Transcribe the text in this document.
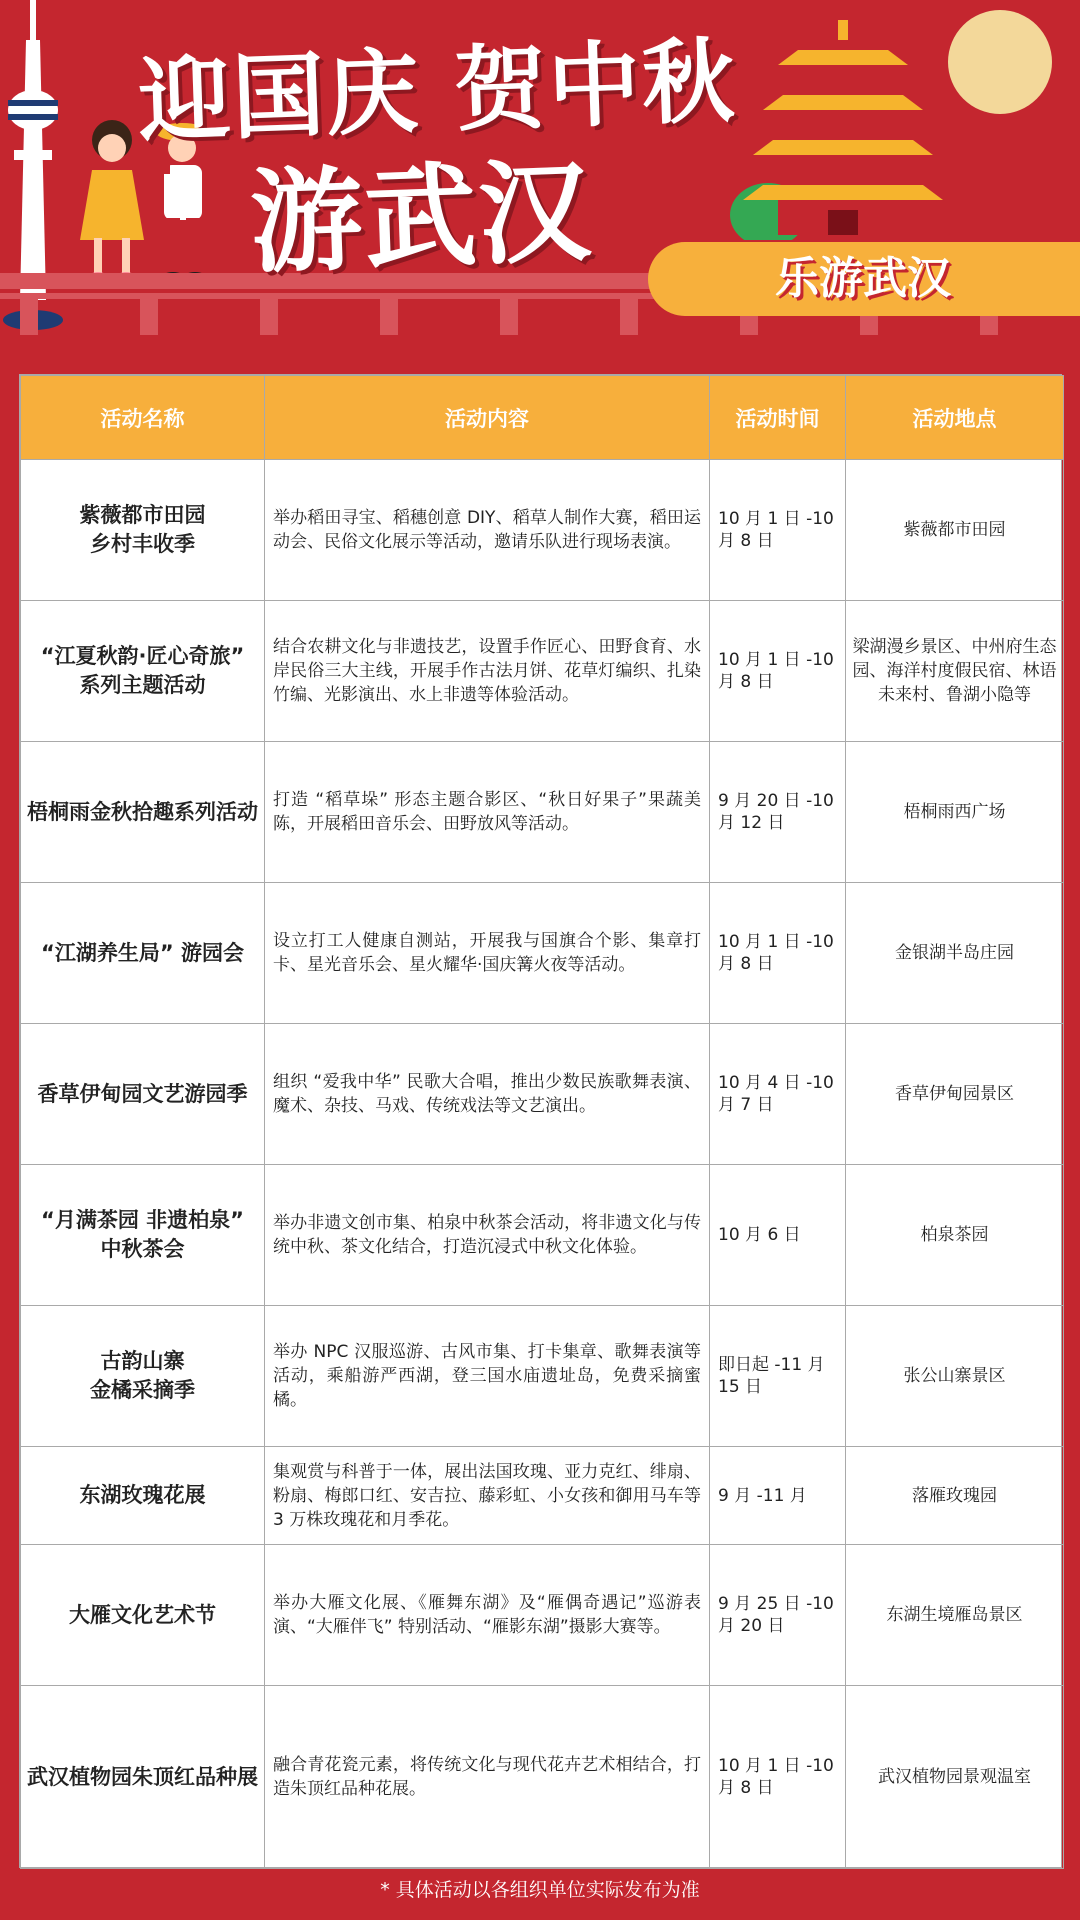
迎国庆 贺中秋
游武汉	乐游武汉
活动名称	活动内容	活动时间	活动地点
紫薇都市田园
乡村丰收季	举办稻田寻宝、稻穗创意 DIY、稻草人制作大赛，稻田运动会、民俗文化展示等活动，邀请乐队进行现场表演。	10 月 1 日 -10 月 8 日	紫薇都市田园
“江夏秋韵·匠心奇旅”
系列主题活动	结合农耕文化与非遗技艺，设置手作匠心、田野食育、水岸民俗三大主线，开展手作古法月饼、花草灯编织、扎染竹编、光影演出、水上非遗等体验活动。	10 月 1 日 -10 月 8 日	梁湖漫乡景区、中州府生态园、海洋村度假民宿、林语未来村、鲁湖小隐等
梧桐雨金秋拾趣系列活动	打造 “稻草垛” 形态主题合影区、“秋日好果子”果蔬美陈，开展稻田音乐会、田野放风等活动。	9 月 20 日 -10 月 12 日	梧桐雨西广场
“江湖养生局” 游园会	设立打工人健康自测站，开展我与国旗合个影、集章打卡、星光音乐会、星火耀华·国庆篝火夜等活动。	10 月 1 日 -10 月 8 日	金银湖半岛庄园
香草伊甸园文艺游园季	组织 “爱我中华” 民歌大合唱，推出少数民族歌舞表演、魔术、杂技、马戏、传统戏法等文艺演出。	10 月 4 日 -10 月 7 日	香草伊甸园景区
“月满茶园 非遗柏泉”
中秋茶会	举办非遗文创市集、柏泉中秋茶会活动，将非遗文化与传统中秋、茶文化结合，打造沉浸式中秋文化体验。	10 月 6 日	柏泉茶园
古韵山寨
金橘采摘季	举办 NPC 汉服巡游、古风市集、打卡集章、歌舞表演等活动，乘船游严西湖，登三国水庙遗址岛，免费采摘蜜橘。	即日起 -11 月 15 日	张公山寨景区
东湖玫瑰花展	集观赏与科普于一体，展出法国玫瑰、亚力克红、绯扇、粉扇、梅郎口红、安吉拉、藤彩虹、小女孩和御用马车等 3 万株玫瑰花和月季花。	9 月 -11 月	落雁玫瑰园
大雁文化艺术节	举办大雁文化展、《雁舞东湖》及“雁偶奇遇记”巡游表演、“大雁伴飞” 特别活动、“雁影东湖”摄影大赛等。	9 月 25 日 -10 月 20 日	东湖生境雁岛景区
武汉植物园朱顶红品种展	融合青花瓷元素，将传统文化与现代花卉艺术相结合，打造朱顶红品种花展。	10 月 1 日 -10 月 8 日	武汉植物园景观温室
* 具体活动以各组织单位实际发布为准
